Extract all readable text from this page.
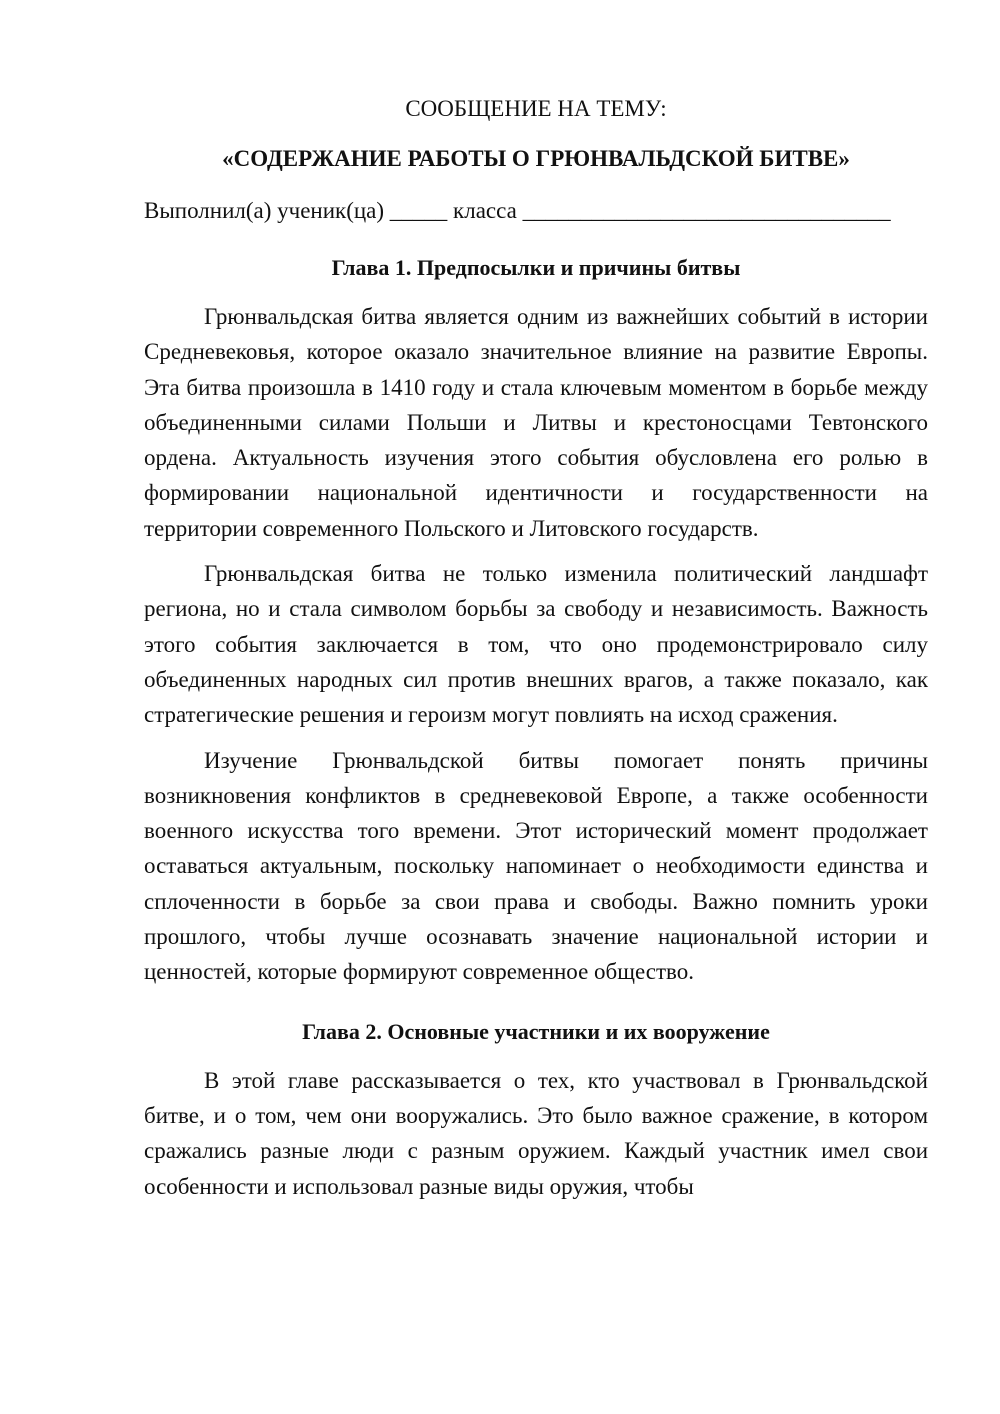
СООБЩЕНИЕ НА ТЕМУ:

«СОДЕРЖАНИЕ РАБОТЫ О ГРЮНВАЛЬДСКОЙ БИТВЕ»

Выполнил(а) ученик(ца) _____ класса ________________________________

Глава 1. Предпосылки и причины битвы

Грюнвальдская битва является одним из важнейших событий в истории Средневековья, которое оказало значительное влияние на развитие Европы. Эта битва произошла в 1410 году и стала ключевым моментом в борьбе между объединенными силами Польши и Литвы и крестоносцами Тевтонского ордена. Актуальность изучения этого события обусловлена его ролью в формировании национальной идентичности и государственности на территории современного Польского и Литовского государств.

Грюнвальдская битва не только изменила политический ландшафт региона, но и стала символом борьбы за свободу и независимость. Важность этого события заключается в том, что оно продемонстрировало силу объединенных народных сил против внешних врагов, а также показало, как стратегические решения и героизм могут повлиять на исход сражения.

Изучение Грюнвальдской битвы помогает понять причины возникновения конфликтов в средневековой Европе, а также особенности военного искусства того времени. Этот исторический момент продолжает оставаться актуальным, поскольку напоминает о необходимости единства и сплоченности в борьбе за свои права и свободы. Важно помнить уроки прошлого, чтобы лучше осознавать значение национальной истории и ценностей, которые формируют современное общество.

Глава 2. Основные участники и их вооружение

В этой главе рассказывается о тех, кто участвовал в Грюнвальдской битве, и о том, чем они вооружались. Это было важное сражение, в котором сражались разные люди с разным оружием. Каждый участник имел свои особенности и использовал разные виды оружия, чтобы
